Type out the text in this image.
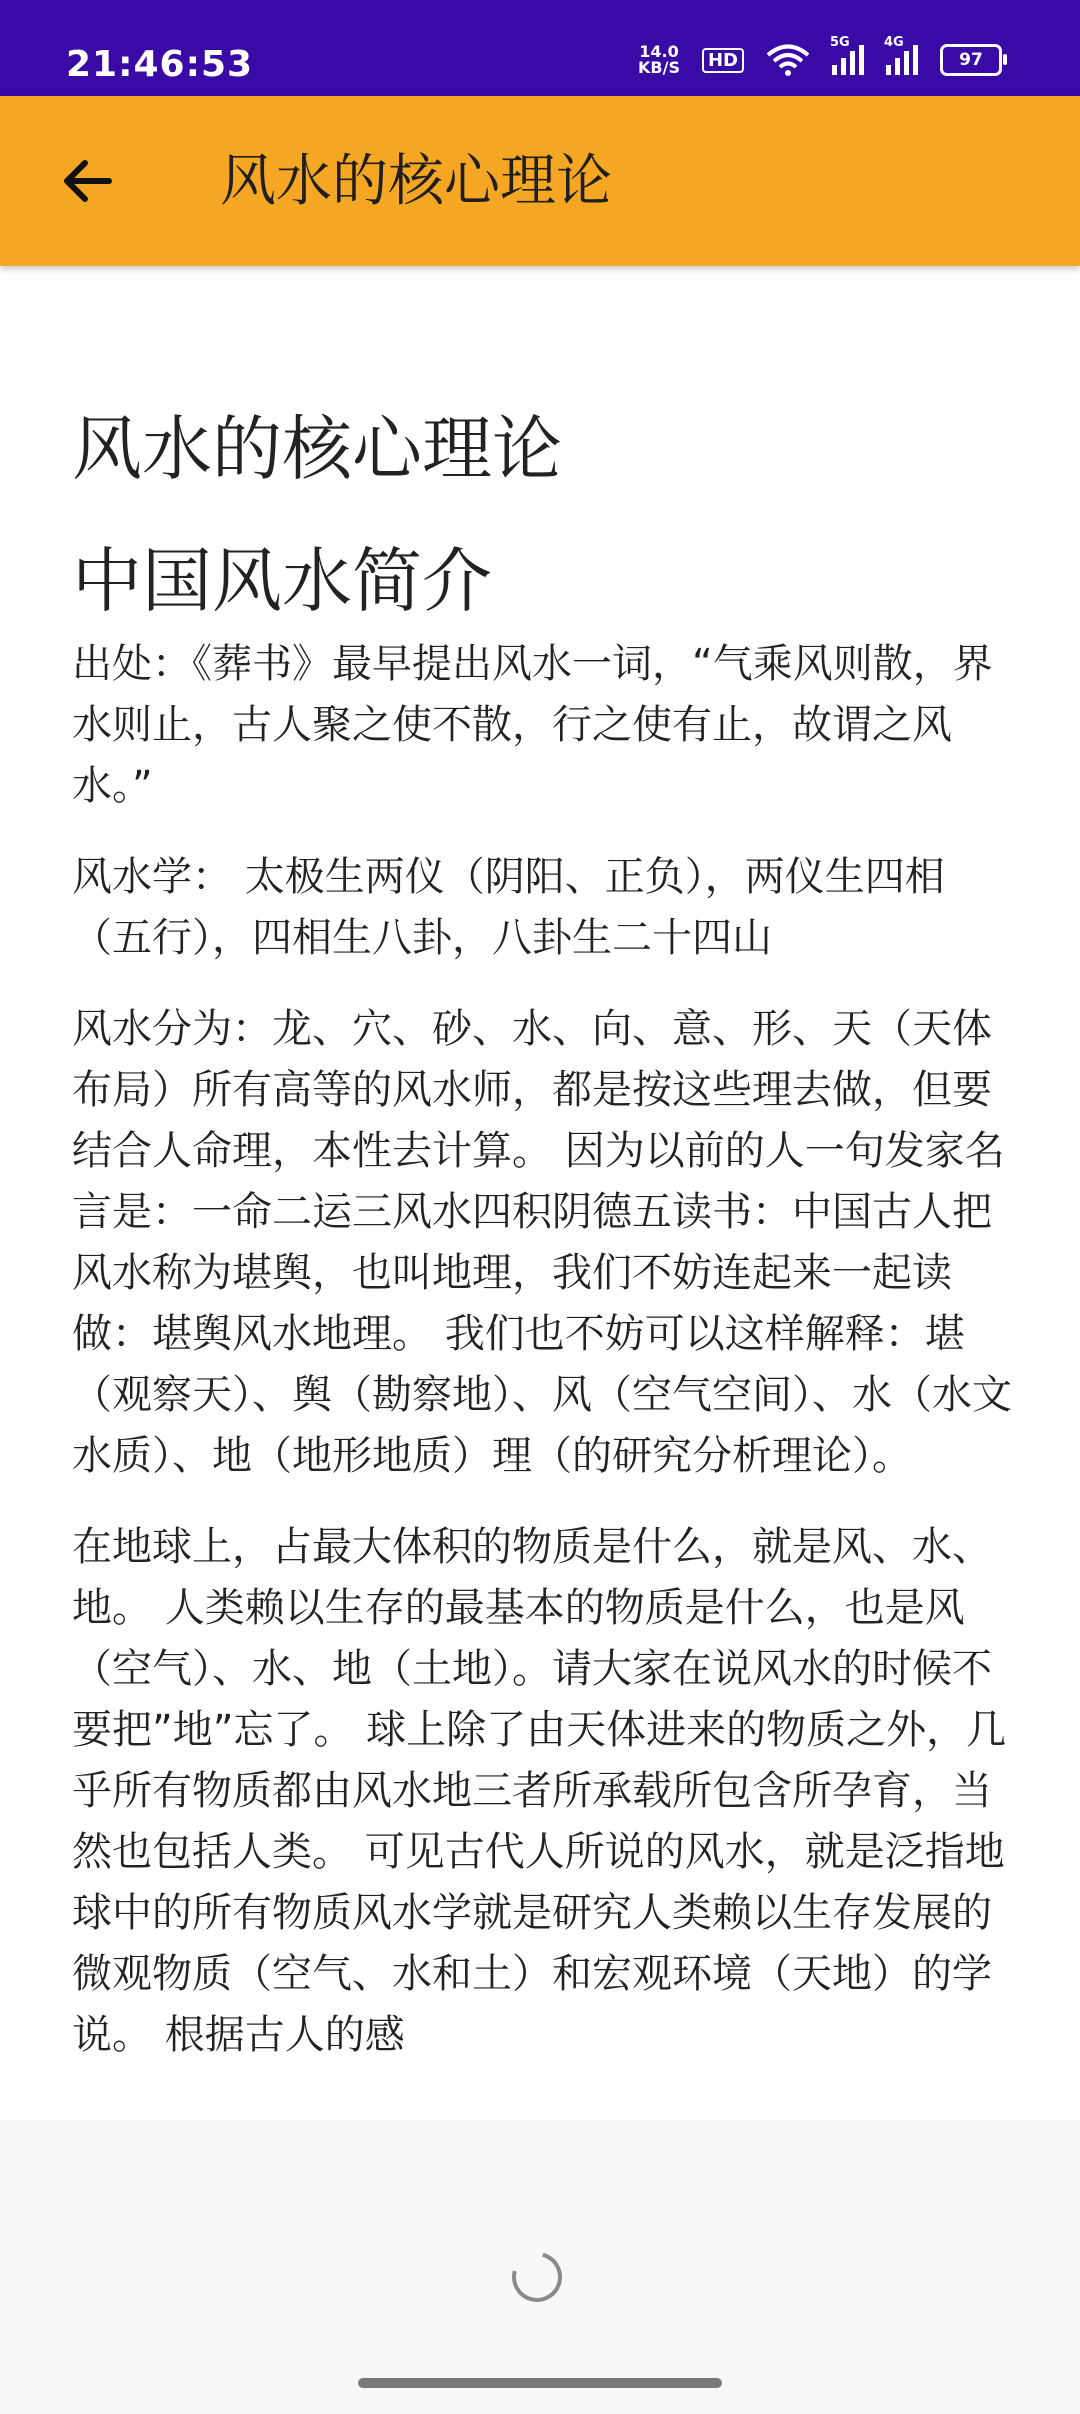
21:46:53	14.0
KB/S	HD
5G	4G
97
风水的核心理论
风水的核心理论
中国风水简介

出处：《葬书》最早提出风水一词，“气乘风则散，界水则止，古人聚之使不散，行之使有止，故谓之风水。”

风水学： 太极生两仪（阴阳、正负），两仪生四相（五行），四相生八卦，八卦生二十四山

风水分为：龙、穴、砂、水、向、意、形、天（天体布局）所有高等的风水师，都是按这些理去做，但要结合人命理，本性去计算。 因为以前的人一句发家名言是：一命二运三风水四积阴德五读书：中国古人把风水称为堪舆，也叫地理，我们不妨连起来一起读做：堪舆风水地理。 我们也不妨可以这样解释：堪（观察天）、舆（勘察地）、风（空气空间）、水（水文水质）、地（地形地质）理（的研究分析理论）。

在地球上，占最大体积的物质是什么，就是风、水、地。 人类赖以生存的最基本的物质是什么，也是风（空气）、水、地（土地）。请大家在说风水的时候不要把”地”忘了。 球上除了由天体进来的物质之外，几乎所有物质都由风水地三者所承载所包含所孕育，当然也包括人类。 可见古代人所说的风水，就是泛指地球中的所有物质风水学就是研究人类赖以生存发展的微观物质（空气、水和土）和宏观环境（天地）的学说。 根据古人的感
